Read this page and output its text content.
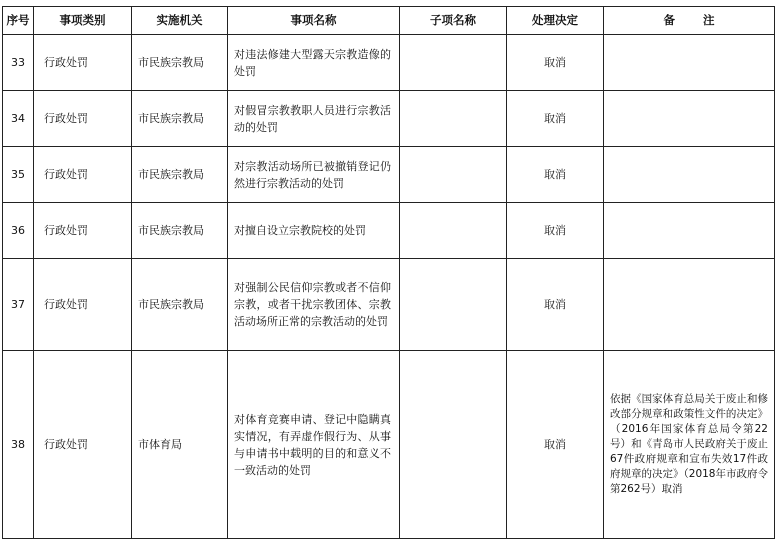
序号	事项类别	实施机关	事项名称	子项名称	处理决定	备注
33	行政处罚	市民族宗教局	对违法修建大型露天宗教造像的处罚		取消	
34	行政处罚	市民族宗教局	对假冒宗教教职人员进行宗教活动的处罚		取消	
35	行政处罚	市民族宗教局	对宗教活动场所已被撤销登记仍然进行宗教活动的处罚		取消	
36	行政处罚	市民族宗教局	对擅自设立宗教院校的处罚		取消	
37	行政处罚	市民族宗教局	对强制公民信仰宗教或者不信仰宗教，或者干扰宗教团体、宗教活动场所正常的宗教活动的处罚		取消	
38	行政处罚	市体育局	对体育竞赛申请、登记中隐瞒真实情况，有弄虚作假行为、从事与申请书中载明的目的和意义不一致活动的处罚		取消	依据《国家体育总局关于废止和修改部分规章和政策性文件的决定》（2016年国家体育总局令第22号）和《青岛市人民政府关于废止67件政府规章和宣布失效17件政府规章的决定》（2018年市政府令第262号）取消
